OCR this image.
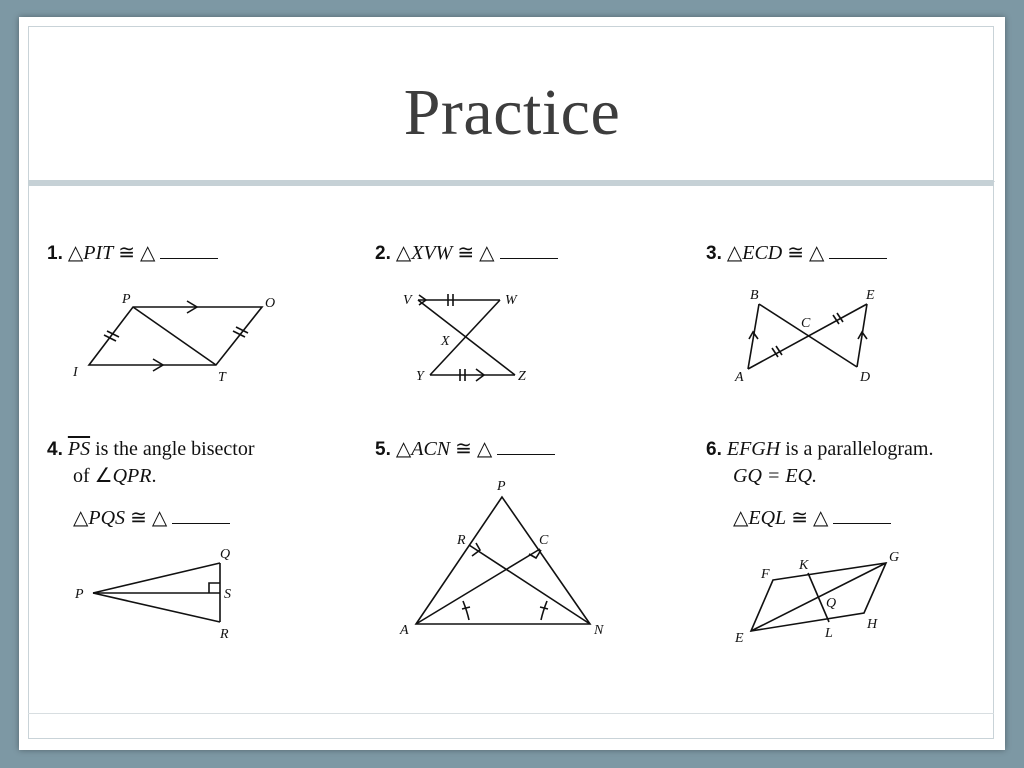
Practice
1. △PIT ≅ △
P	O
I	T
2. △XVW ≅ △
V	W
X
Y	Z
3. △ECD ≅ △
B	E
C
A	D
4. $\overline{PS}$ is the angle bisector
of ∠QPR.
△PQS ≅ △
P
Q
S
R
5. △ACN ≅ △
P
R	C
A	N
6. EFGH is a parallelogram.
GQ = EQ.
△EQL ≅ △
F
K
G
Q
E	L
H
